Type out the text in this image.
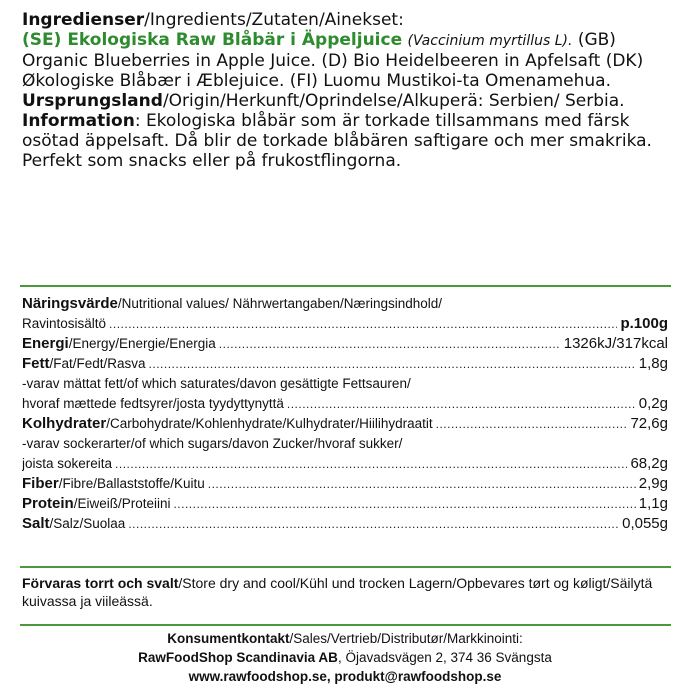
Ingredienser/Ingredients/Zutaten/Ainekset:
(SE) Ekologiska Raw Blåbär i Äppeljuice (Vaccinium myrtillus L). (GB) Organic Blueberries in Apple Juice. (D) Bio Heidelbeeren in Apfelsaft (DK) Økologiske Blåbær i Æblejuice. (FI) Luomu Mustikoi-ta Omenamehua.
Ursprungsland/Origin/Herkunft/Oprindelse/Alkuperä: Serbien/ Serbia.
Information: Ekologiska blåbär som är torkade tillsammans med färsk osötad äppelsaft. Då blir de torkade blåbären saftigare och mer smakrika. Perfekt som snacks eller på frukostflingorna.
Näringsvärde/Nutritional values/ Nährwertangaben/Næringsindhold/
Ravintosisältö .....	p.100g
Energi/Energy/Energie/Energia .....	1326kJ/317kcal
Fett/Fat/Fedt/Rasva .....	1,8g
-varav mättat fett/of which saturates/davon gesättigte Fettsauren/
hvoraf mættede fedtsyrer/josta tyydyttynyttä .....	0,2g
Kolhydrater/Carbohydrate/Kohlenhydrate/Kulhydrater/Hiilihydraatit .....	72,6g
-varav sockerarter/of which sugars/davon Zucker/hvoraf sukker/
joista sokereita .....	68,2g
Fiber/Fibre/Ballaststoffe/Kuitu .....	2,9g
Protein/Eiweiß/Proteiini .....	1,1g
Salt/Salz/Suolaa .....	0,055g
Förvaras torrt och svalt/Store dry and cool/Kühl und trocken Lagern/Opbevares tørt og køligt/Säilytä kuivassa ja viileässä.
Konsumentkontakt/Sales/Vertrieb/Distributør/Markkinointi:
RawFoodShop Scandinavia AB, Öjavadsvägen 2, 374 36 Svängsta
www.rawfoodshop.se, produkt@rawfoodshop.se
